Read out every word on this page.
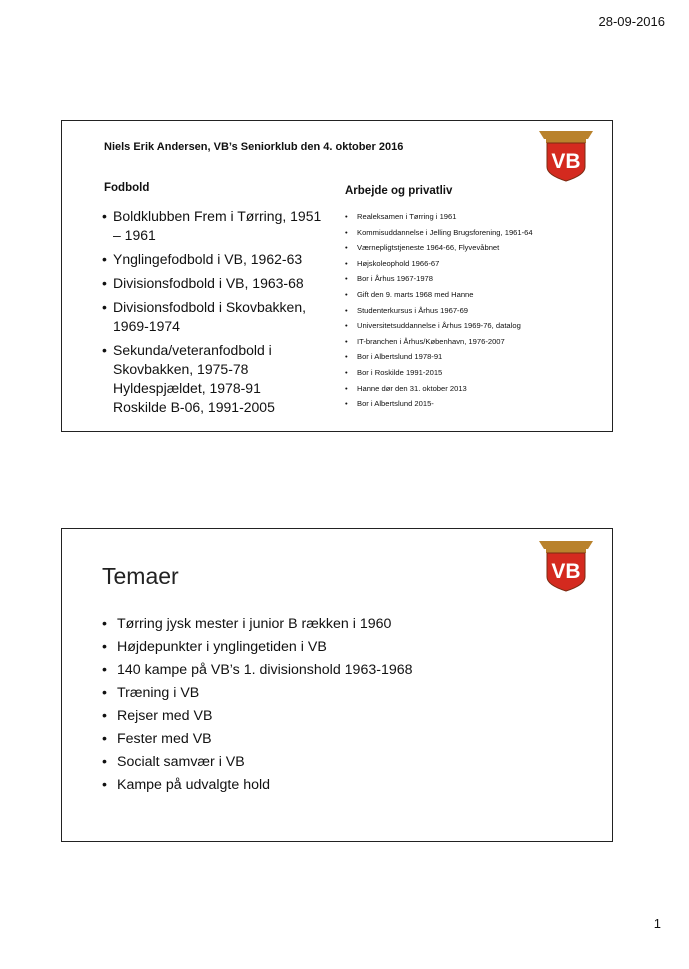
28-09-2016
Niels Erik Andersen, VB’s Seniorklub den 4. oktober 2016
VB
Fodbold
• Boldklubben Frem i Tørring, 1951 – 1961
• Ynglingefodbold i VB, 1962-63
• Divisionsfodbold i VB, 1963-68
• Divisionsfodbold i Skovbakken, 1969-1974
• Sekunda/veteranfodbold i Skovbakken, 1975-78
Hyldespjældet, 1978-91
Roskilde B-06, 1991-2005
Arbejde og privatliv
• Realeksamen i Tørring i 1961
• Kommisuddannelse i Jelling Brugsforening, 1961-64
• Værnepligtstjeneste 1964-66, Flyvevåbnet
• Højskoleophold 1966-67
• Bor i Århus 1967-1978
• Gift den 9. marts 1968 med Hanne
• Studenterkursus i Århus 1967-69
• Universitetsuddannelse i Århus 1969-76, datalog
• IT-branchen i Århus/København, 1976-2007
• Bor i Albertslund 1978-91
• Bor i Roskilde 1991-2015
• Hanne dør den 31. oktober 2013
• Bor i Albertslund 2015-
Temaer	VB
• Tørring jysk mester i junior B rækken i 1960
• Højdepunkter i ynglingetiden i VB
• 140 kampe på VB’s 1. divisionshold 1963-1968
• Træning i VB
• Rejser med VB
• Fester med VB
• Socialt samvær i VB
• Kampe på udvalgte hold
1
